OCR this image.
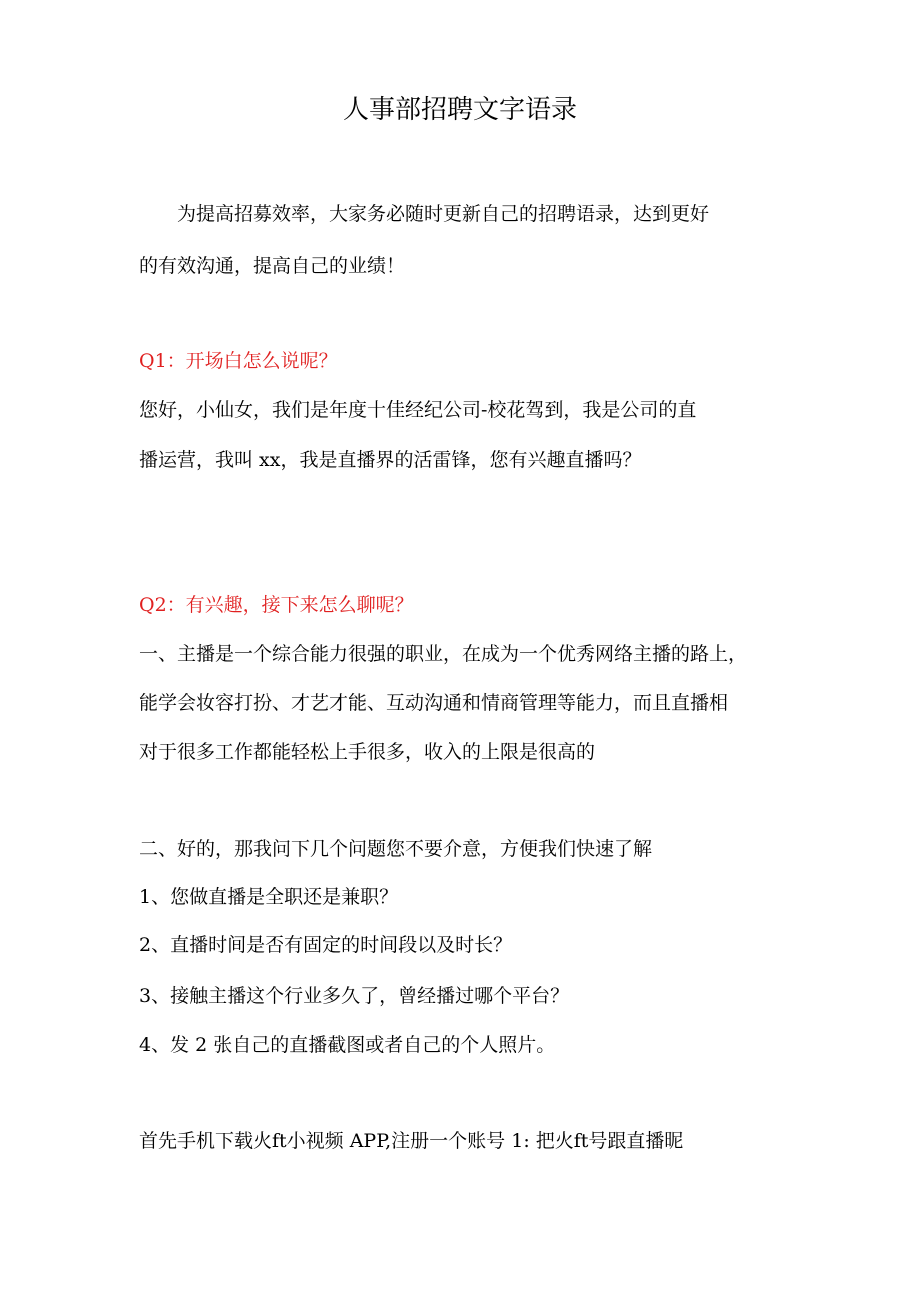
人事部招聘文字语录
为提高招募效率，大家务必随时更新自己的招聘语录，达到更好
的有效沟通，提高自己的业绩！
Q1：开场白怎么说呢？
您好，小仙女，我们是年度十佳经纪公司-校花驾到，我是公司的直
播运营，我叫 xx，我是直播界的活雷锋，您有兴趣直播吗？
Q2：有兴趣，接下来怎么聊呢？
一、主播是一个综合能力很强的职业，在成为一个优秀网络主播的路上，
能学会妆容打扮、才艺才能、互动沟通和情商管理等能力，而且直播相
对于很多工作都能轻松上手很多，收入的上限是很高的
二、好的，那我问下几个问题您不要介意，方便我们快速了解
1、您做直播是全职还是兼职？
2、直播时间是否有固定的时间段以及时长？
3、接触主播这个行业多久了，曾经播过哪个平台？
4、发 2 张自己的直播截图或者自己的个人照片。
首先手机下载火ft小视频 APP,注册一个账号 1: 把火ft号跟直播昵
